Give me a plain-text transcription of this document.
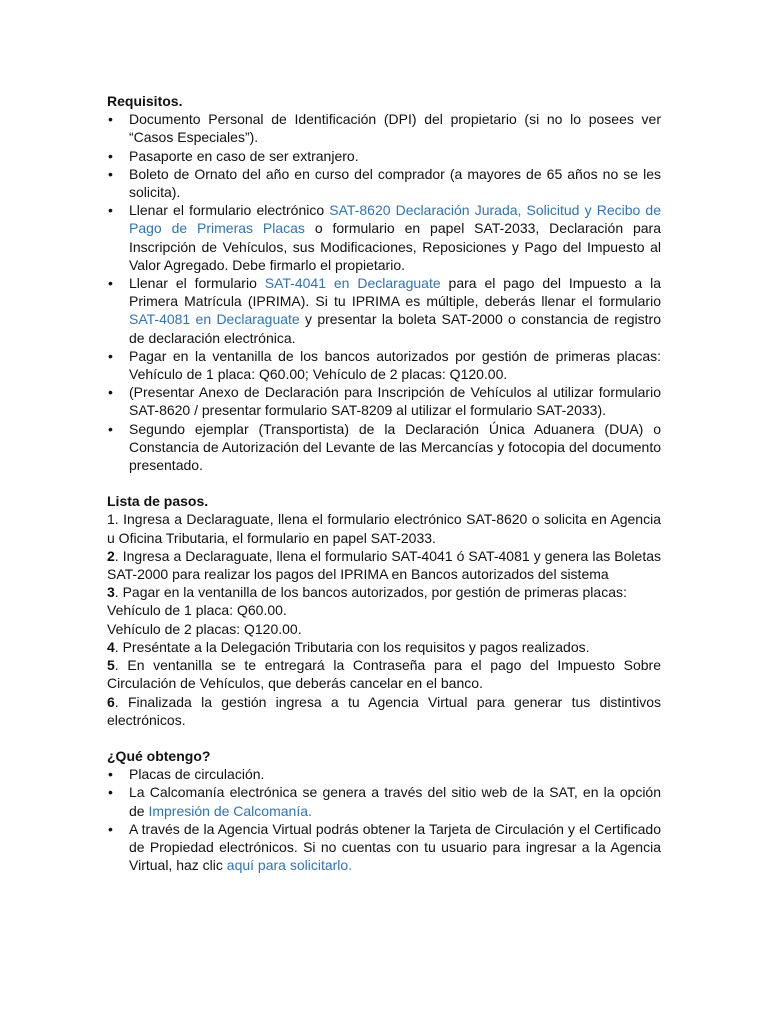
Requisitos.

• Documento Personal de Identificación (DPI) del propietario (si no lo posees ver “Casos Especiales”).
• Pasaporte en caso de ser extranjero.
• Boleto de Ornato del año en curso del comprador (a mayores de 65 años no se les solicita).
• Llenar el formulario electrónico SAT-8620 Declaración Jurada, Solicitud y Recibo de Pago de Primeras Placas o formulario en papel SAT-2033, Declaración para Inscripción de Vehículos, sus Modificaciones, Reposiciones y Pago del Impuesto al Valor Agregado. Debe firmarlo el propietario.
• Llenar el formulario SAT-4041 en Declaraguate para el pago del Impuesto a la Primera Matrícula (IPRIMA). Si tu IPRIMA es múltiple, deberás llenar el formulario SAT-4081 en Declaraguate y presentar la boleta SAT-2000 o constancia de registro de declaración electrónica.
• Pagar en la ventanilla de los bancos autorizados por gestión de primeras placas: Vehículo de 1 placa: Q60.00; Vehículo de 2 placas: Q120.00.
• (Presentar Anexo de Declaración para Inscripción de Vehículos al utilizar formulario SAT-8620 / presentar formulario SAT-8209 al utilizar el formulario SAT-2033).
• Segundo ejemplar (Transportista) de la Declaración Única Aduanera (DUA) o Constancia de Autorización del Levante de las Mercancías y fotocopia del documento presentado.

Lista de pasos.

1. Ingresa a Declaraguate, llena el formulario electrónico SAT-8620 o solicita en Agencia u Oficina Tributaria, el formulario en papel SAT-2033.

2. Ingresa a Declaraguate, llena el formulario SAT-4041 ó SAT-4081 y genera las Boletas SAT-2000 para realizar los pagos del IPRIMA en Bancos autorizados del sistema

3. Pagar en la ventanilla de los bancos autorizados, por gestión de primeras placas:

Vehículo de 1 placa: Q60.00.

Vehículo de 2 placas: Q120.00.

4. Preséntate a la Delegación Tributaria con los requisitos y pagos realizados.

5. En ventanilla se te entregará la Contraseña para el pago del Impuesto Sobre Circulación de Vehículos, que deberás cancelar en el banco.

6. Finalizada la gestión ingresa a tu Agencia Virtual para generar tus distintivos electrónicos.

¿Qué obtengo?

• Placas de circulación.
• La Calcomanía electrónica se genera a través del sitio web de la SAT, en la opción de Impresión de Calcomanía.
• A través de la Agencia Virtual podrás obtener la Tarjeta de Circulación y el Certificado de Propiedad electrónicos. Si no cuentas con tu usuario para ingresar a la Agencia Virtual, haz clic aquí para solicitarlo.
